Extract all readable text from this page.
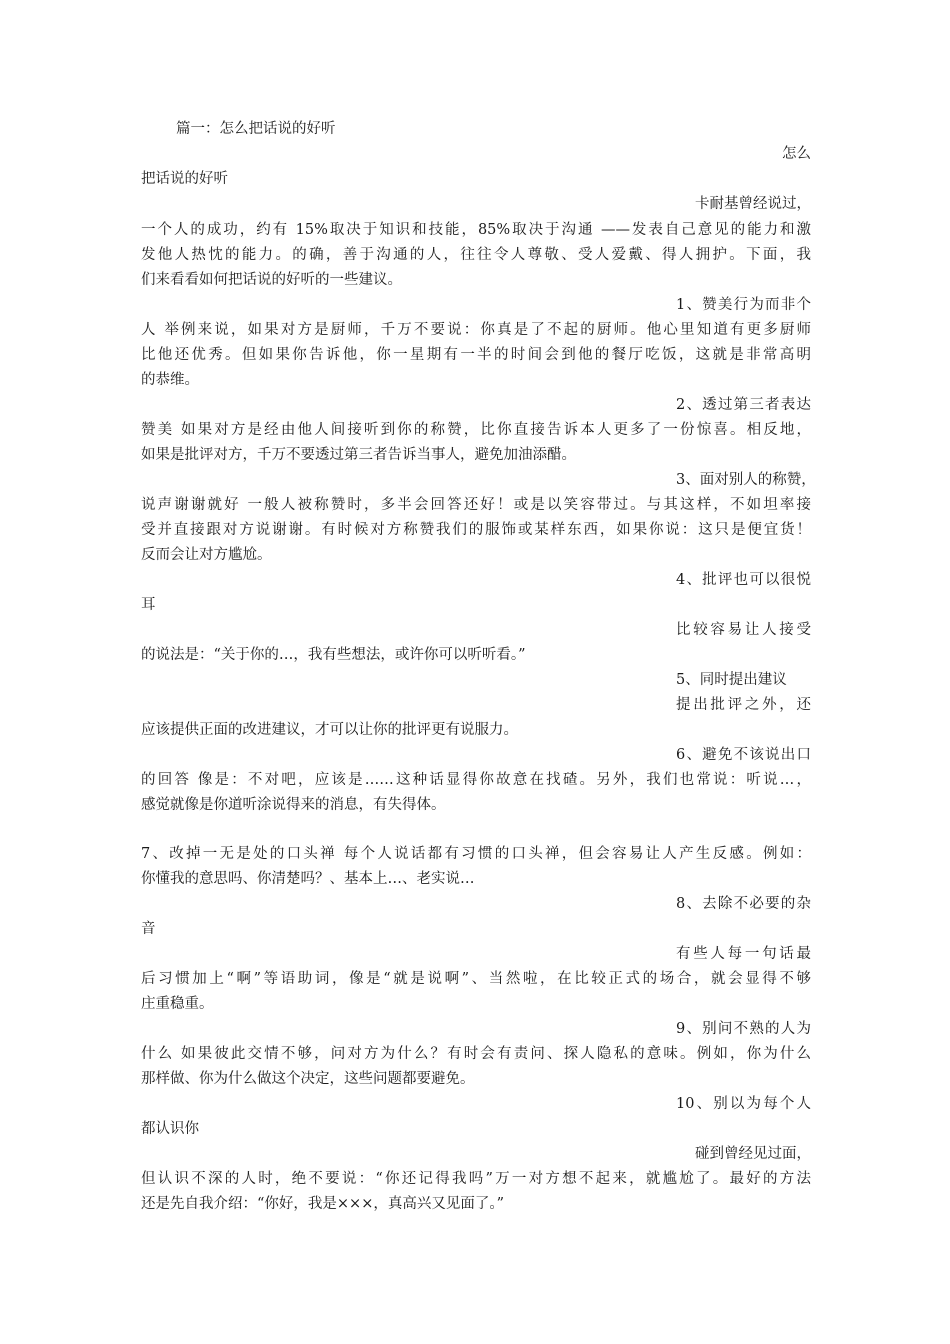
篇一：怎么把话说的好听
怎么
把话说的好听
卡耐基曾经说过，
一个人的成功，约有 15%取决于知识和技能，85%取决于沟通 ——发表自己意见的能力和激
发他人热忱的能力。的确，善于沟通的人，往往令人尊敬、受人爱戴、得人拥护。下面，我
们来看看如何把话说的好听的一些建议。
1、赞美行为而非个
人 举例来说，如果对方是厨师，千万不要说：你真是了不起的厨师。他心里知道有更多厨师
比他还优秀。但如果你告诉他，你一星期有一半的时间会到他的餐厅吃饭，这就是非常高明
的恭维。
2、透过第三者表达
赞美 如果对方是经由他人间接听到你的称赞，比你直接告诉本人更多了一份惊喜。相反地，
如果是批评对方，千万不要透过第三者告诉当事人，避免加油添醋。
3、面对别人的称赞，
说声谢谢就好 一般人被称赞时，多半会回答还好！或是以笑容带过。与其这样，不如坦率接
受并直接跟对方说谢谢。有时候对方称赞我们的服饰或某样东西，如果你说：这只是便宜货！
反而会让对方尴尬。
4、批评也可以很悦
耳
比较容易让人接受
的说法是：“关于你的…，我有些想法，或许你可以听听看。”
5、同时提出建议
提出批评之外，还
应该提供正面的改进建议，才可以让你的批评更有说服力。
6、避免不该说出口
的回答 像是：不对吧，应该是……这种话显得你故意在找碴。另外，我们也常说：听说…，
感觉就像是你道听涂说得来的消息，有失得体。
7、改掉一无是处的口头禅 每个人说话都有习惯的口头禅，但会容易让人产生反感。例如：
你懂我的意思吗、你清楚吗？、基本上…、老实说…
8、去除不必要的杂
音
有些人每一句话最
后习惯加上“啊”等语助词，像是“就是说啊”、当然啦，在比较正式的场合，就会显得不够
庄重稳重。
9、别问不熟的人为
什么 如果彼此交情不够，问对方为什么？有时会有责问、探人隐私的意味。例如，你为什么
那样做、你为什么做这个决定，这些问题都要避免。
10、别以为每个人
都认识你
碰到曾经见过面，
但认识不深的人时，绝不要说：“你还记得我吗”万一对方想不起来，就尴尬了。最好的方法
还是先自我介绍：“你好，我是×××，真高兴又见面了。”
